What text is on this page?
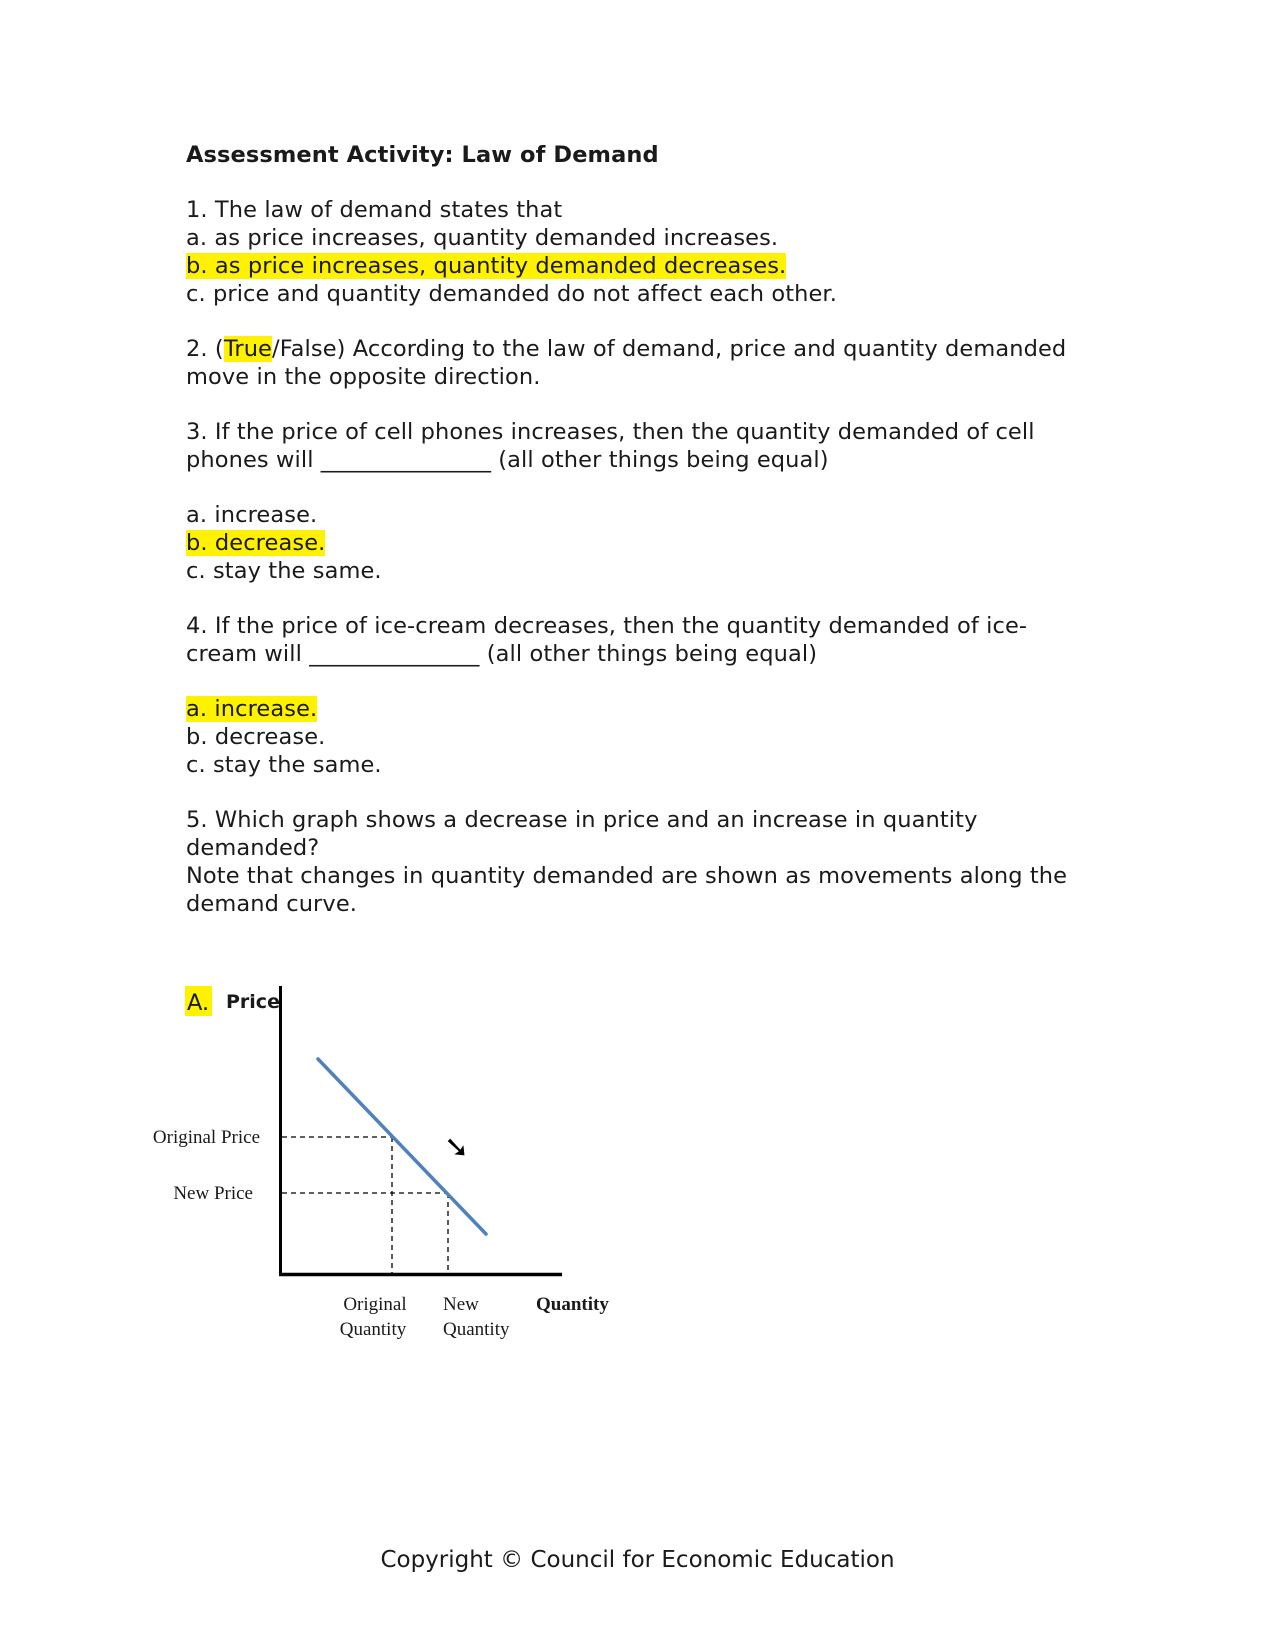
Assessment Activity: Law of Demand
1. The law of demand states that
a. as price increases, quantity demanded increases.
b. as price increases, quantity demanded decreases.
c. price and quantity demanded do not affect each other.
2. (True/False) According to the law of demand, price and quantity demanded
move in the opposite direction.
3. If the price of cell phones increases, then the quantity demanded of cell
phones will _______________ (all other things being equal)
a. increase.
b. decrease.
c. stay the same.
4. If the price of ice-cream decreases, then the quantity demanded of ice-
cream will _______________ (all other things being equal)
a. increase.
b. decrease.
c. stay the same.
5. Which graph shows a decrease in price and an increase in quantity
demanded?
Note that changes in quantity demanded are shown as movements along the
demand curve.
A. Price
➘
Original Price
New Price
Original
Quantity
New
Quantity
Quantity
Copyright © Council for Economic Education
